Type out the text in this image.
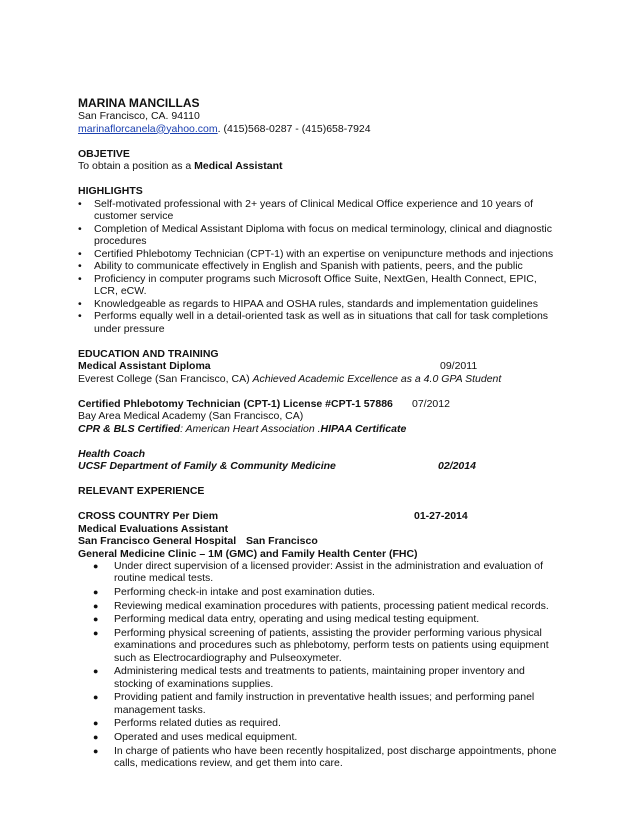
MARINA MANCILLAS
San Francisco, CA. 94110
marinaflorcanela@yahoo.com. (415)568-0287 - (415)658-7924
OBJETIVE
To obtain a position as a Medical Assistant
HIGHLIGHTS
• Self-motivated professional with 2+ years of Clinical Medical Office experience and 10 years of customer service
• Completion of Medical Assistant Diploma with focus on medical terminology, clinical and diagnostic procedures
• Certified Phlebotomy Technician (CPT-1) with an expertise on venipuncture methods and injections
• Ability to communicate effectively in English and Spanish with patients, peers, and the public
• Proficiency in computer programs such Microsoft Office Suite, NextGen, Health Connect, EPIC, LCR, eCW.
• Knowledgeable as regards to HIPAA and OSHA rules, standards and implementation guidelines
• Performs equally well in a detail-oriented task as well as in situations that call for task completions under pressure
EDUCATION AND TRAINING
Medical Assistant Diploma	09/2011
Everest College (San Francisco, CA) Achieved Academic Excellence as a 4.0 GPA Student
Certified Phlebotomy Technician (CPT-1) License #CPT-1 57886	07/2012
Bay Area Medical Academy (San Francisco, CA)
CPR & BLS Certified: American Heart Association .HIPAA Certificate
Health Coach
UCSF Department of Family & Community Medicine	02/2014
RELEVANT EXPERIENCE
CROSS COUNTRY Per Diem	01-27-2014
Medical Evaluations Assistant
San Francisco General Hospital San Francisco
General Medicine Clinic – 1M (GMC) and Family Health Center (FHC)
● Under direct supervision of a licensed provider: Assist in the administration and evaluation of routine medical tests.
● Performing check-in intake and post examination duties.
● Reviewing medical examination procedures with patients, processing patient medical records.
● Performing medical data entry, operating and using medical testing equipment.
● Performing physical screening of patients, assisting the provider performing various physical examinations and procedures such as phlebotomy, perform tests on patients using equipment such as Electrocardiography and Pulseoxymeter.
● Administering medical tests and treatments to patients, maintaining proper inventory and stocking of examinations supplies.
● Providing patient and family instruction in preventative health issues; and performing panel management tasks.
● Performs related duties as required.
● Operated and uses medical equipment.
● In charge of patients who have been recently hospitalized, post discharge appointments, phone calls, medications review, and get them into care.
